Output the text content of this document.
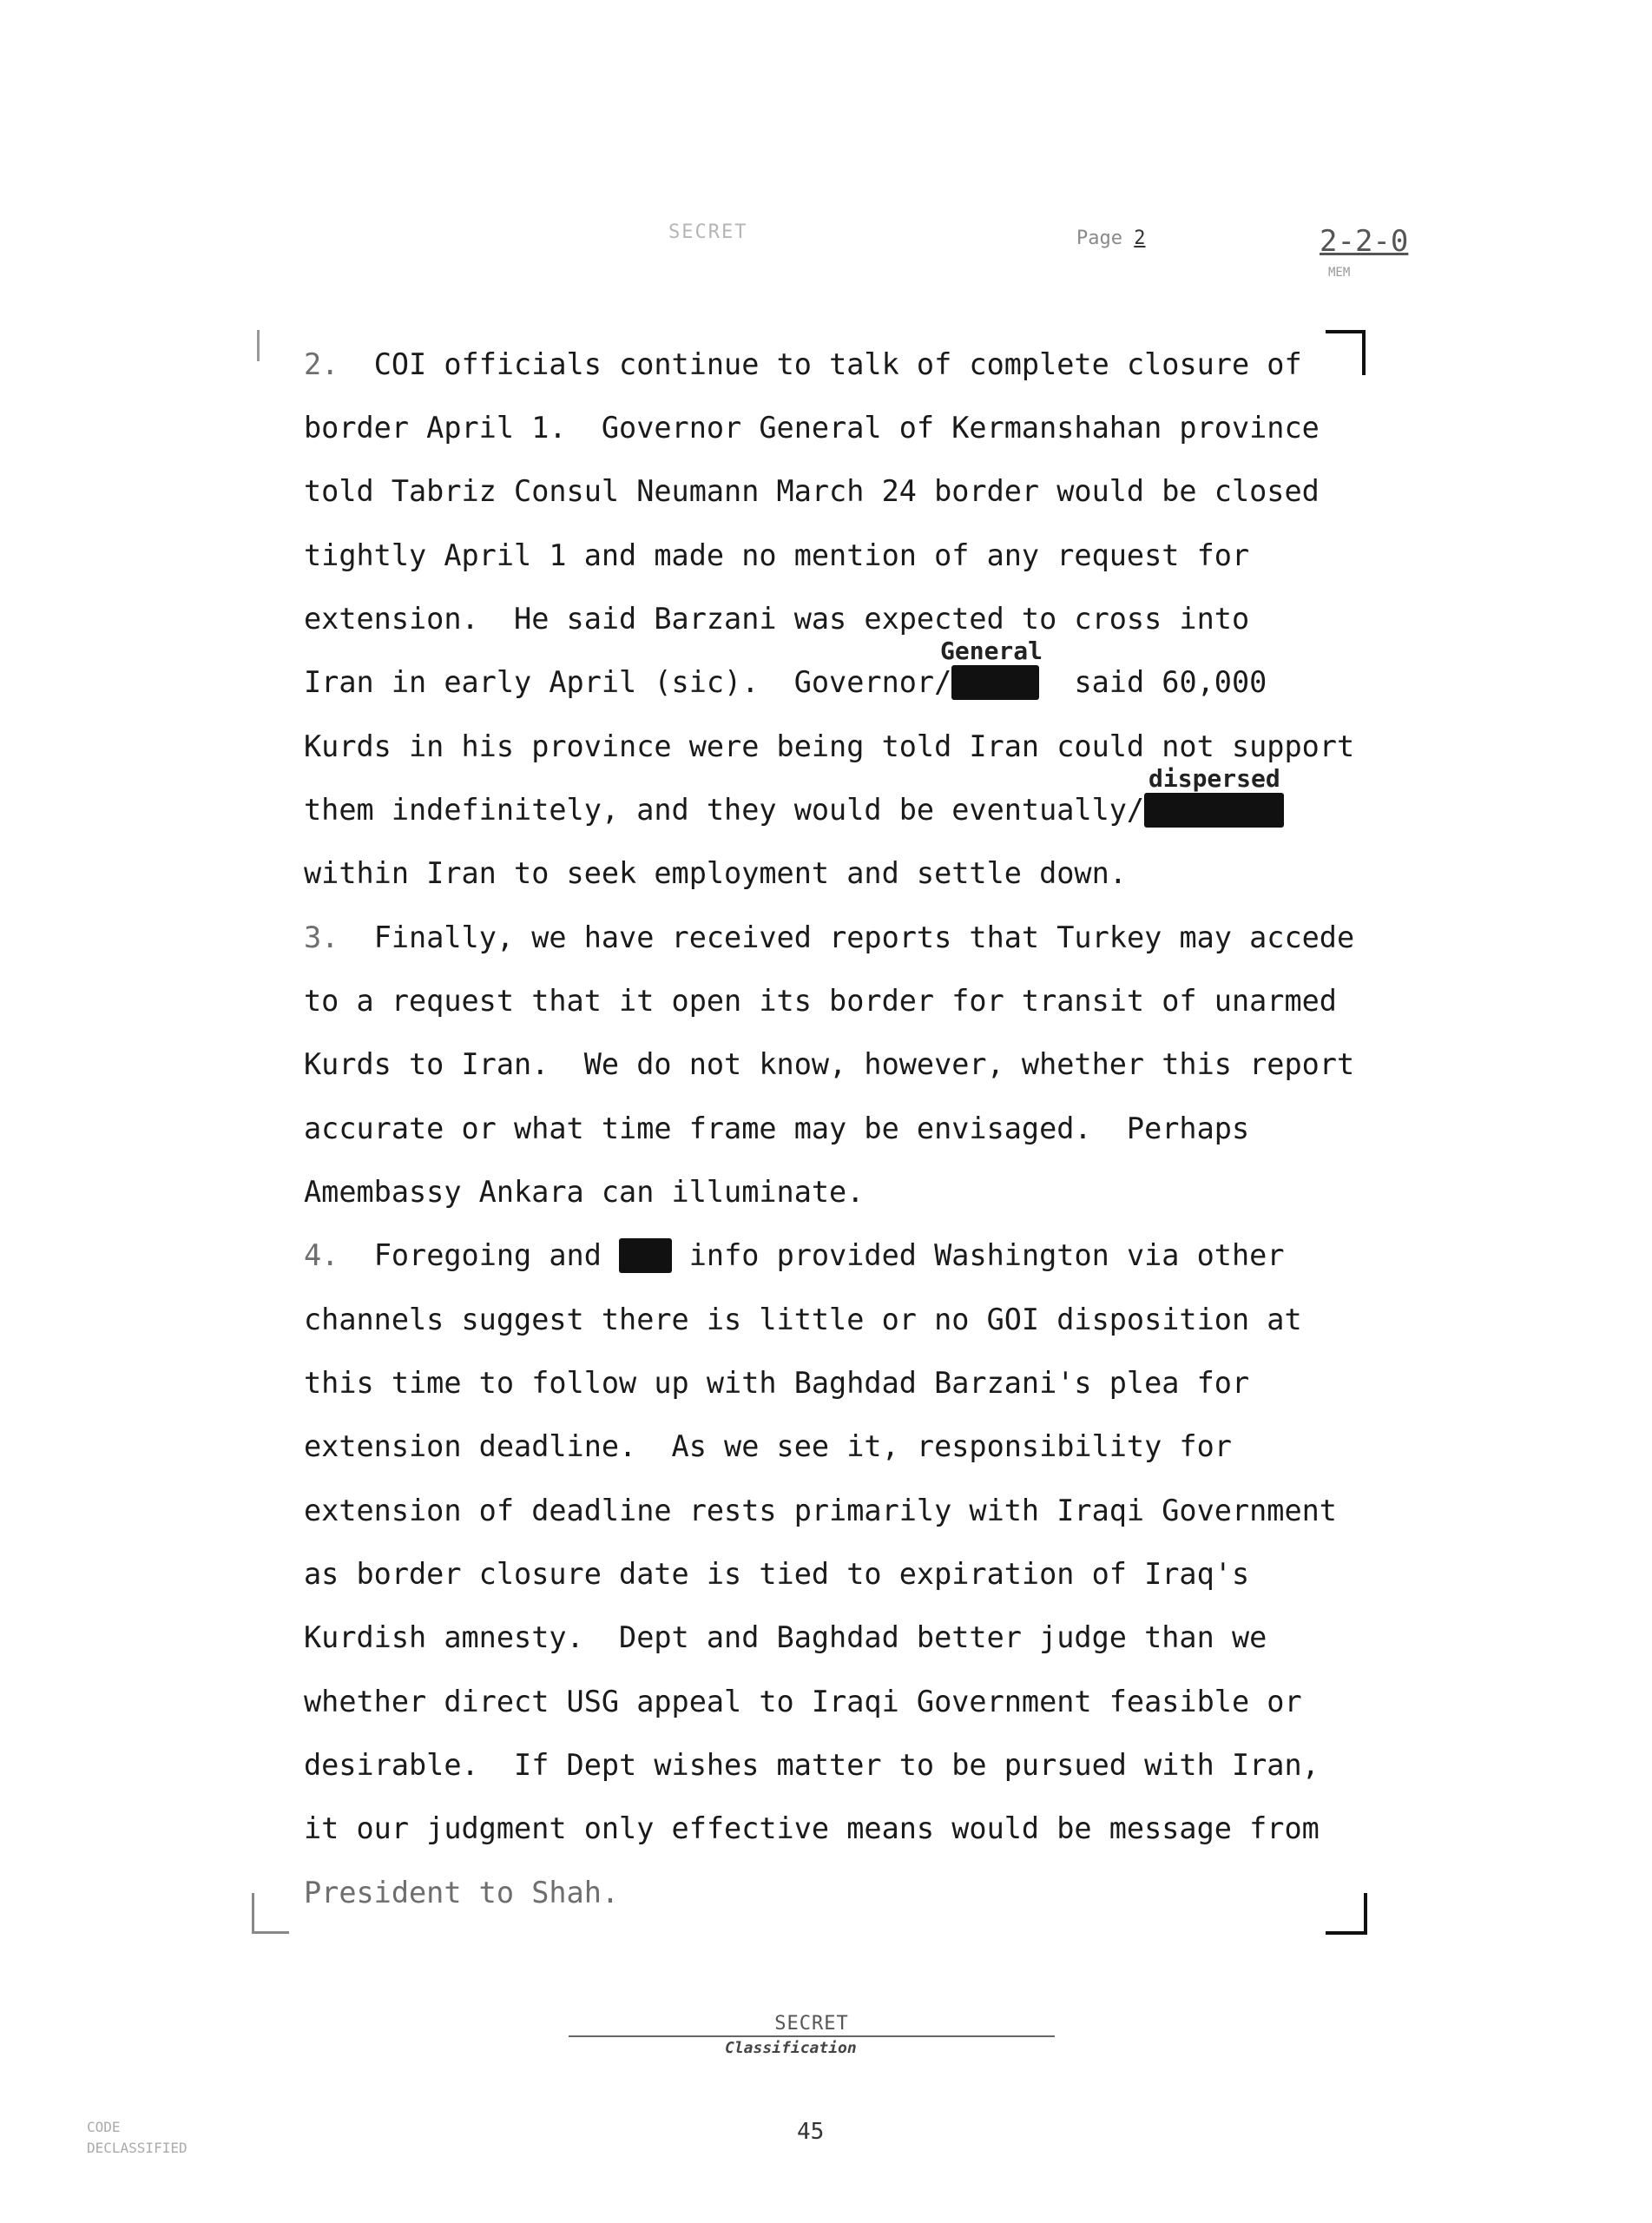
SECRET	Page 2	2-2-0
MEM
2. COI officials continue to talk of complete closure of
border April 1.  Governor General of Kermanshahan province
told Tabriz Consul Neumann March 24 border would be closed
tightly April 1 and made no mention of any request for
extension.  He said Barzani was expected to cross into
General
Iran in early April (sic).  Governor/XXXXX said 60,000
Kurds in his province were being told Iran could not support
dispersed
them indefinitely, and they would be eventually/XXXXXXXX
within Iran to seek employment and settle down.
3. Finally, we have received reports that Turkey may accede
to a request that it open its border for transit of unarmed
Kurds to Iran.  We do not know, however, whether this report
accurate or what time frame may be envisaged.  Perhaps
Amembassy Ankara can illuminate.
4. Foregoing and xxx info provided Washington via other
channels suggest there is little or no GOI disposition at
this time to follow up with Baghdad Barzani's plea for
extension deadline.  As we see it, responsibility for
extension of deadline rests primarily with Iraqi Government
as border closure date is tied to expiration of Iraq's
Kurdish amnesty.  Dept and Baghdad better judge than we
whether direct USG appeal to Iraqi Government feasible or
desirable.  If Dept wishes matter to be pursued with Iran,
it our judgment only effective means would be message from
President to Shah.
SECRET
Classification
CODE
DECLASSIFIED
45
